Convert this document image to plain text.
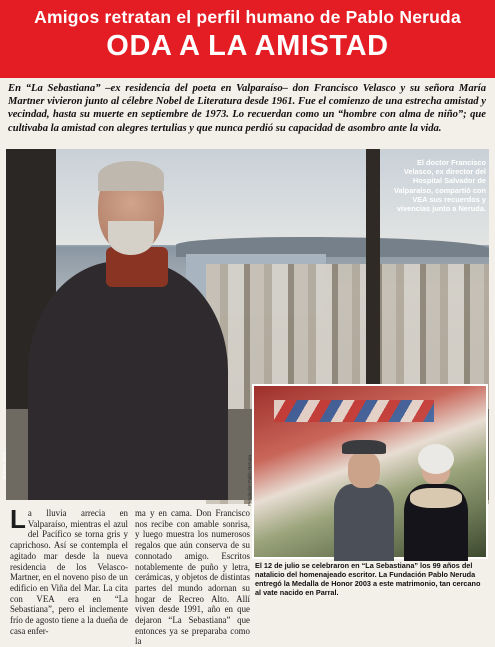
Amigos retratan el perfil humano de Pablo Neruda
ODA A LA AMISTAD

En “La Sebastiana” –ex residencia del poeta en Valparaíso– don Francisco Velasco y su señora María Martner vivieron junto al célebre Nobel de Literatura desde 1961. Fue el comienzo de una estrecha amistad y vecindad, hasta su muerte en septiembre de 1973. Lo recuerdan como un “hombre con alma de niño”; que cultivaba la amistad con alegres tertulias y que nunca perdió su capacidad de asombro ante la vida.

El doctor Francisco Velasco, ex director del Hospital Salvador de Valparaíso, compartió con VEA sus recuerdos y vivencias junto a Neruda.
Nelson Vera
L a lluvia arrecia en Valparaíso, mientras el azul del Pacífico se torna gris y caprichoso. Así se contempla el agitado mar desde la nueva residencia de los Velasco-Martner, en el noveno piso de un edificio en Viña del Mar. La cita con VEA era en “La Sebastiana”, pero el inclemente frío de agosto tiene a la dueña de casa enfer-
ma y en cama. Don Francisco nos recibe con amable sonrisa, y luego muestra los numerosos regalos que aún conserva de su connotado amigo. Escritos notablemente de puño y letra, cerámicas, y objetos de distintas partes del mundo adornan su hogar de Recreo Alto. Allí viven desde 1991, año en que dejaron “La Sebastiana” que entonces ya se preparaba como la
Fundación Pablo Neruda
El 12 de julio se celebraron en “La Sebastiana” los 99 años del natalicio del homenajeado escritor. La Fundación Pablo Neruda entregó la Medalla de Honor 2003 a este matrimonio, tan cercano al vate nacido en Parral.
